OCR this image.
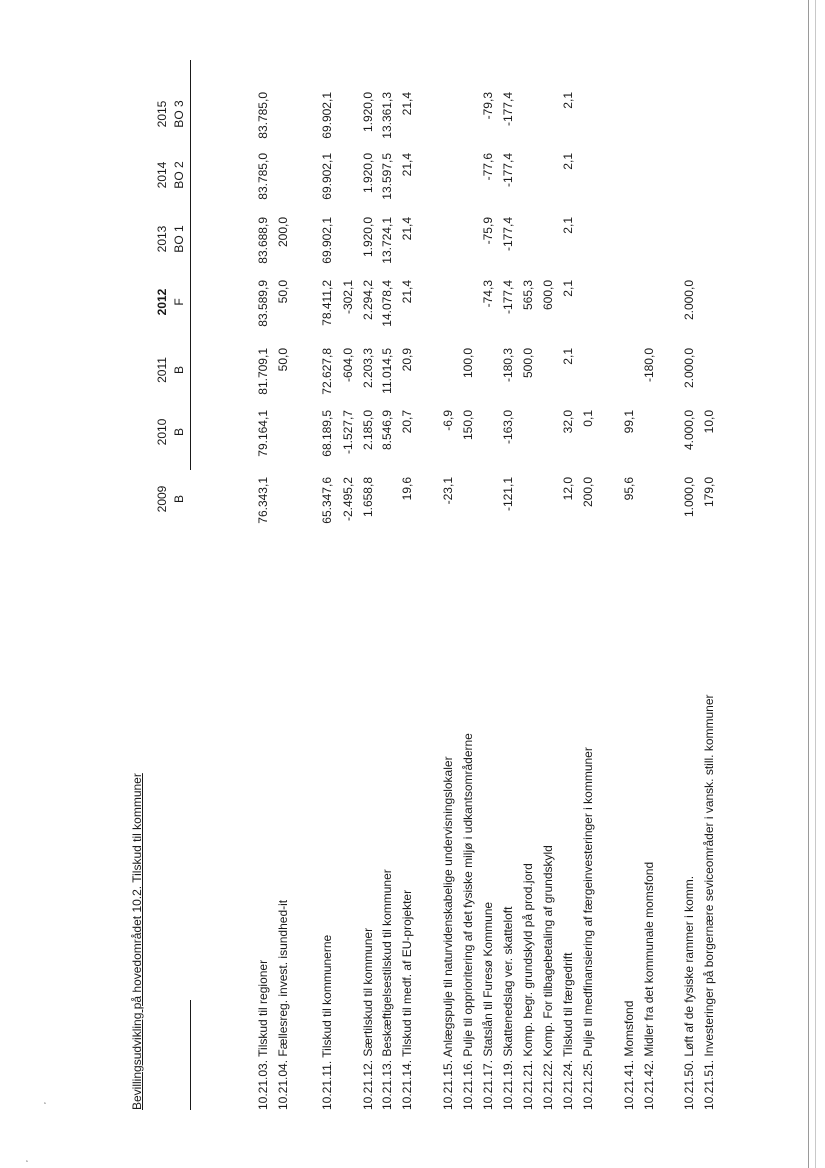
˛
˛
Bevillingsudvikling på hovedområdet 10.2. Tilskud til kommuner
2009 B
2010 B
2011 B
2012 F
2013 BO 1
2014 BO 2
2015 BO 3
10.21.03. Tilskud til regioner
76.343,1
79.164,1
81.709,1
83.589,9
83.688,9
83.785,0
83.785,0
10.21.04. Fællesreg. invest. isundhed-it
50,0
50,0
200,0
10.21.11. Tilskud til kommunerne
65.347,6
68.189,5
72.627,8
78.411,2
69.902,1
69.902,1
69.902,1
-2.495,2
-1.527,7
-604,0
-302,1
10.21.12. Særtilskud til kommuner
1.658,8
2.185,0
2.203,3
2.294,2
1.920,0
1.920,0
1.920,0
10.21.13. Beskæftigelsestilskud til kommuner
8.546,9
11.014,5
14.078,4
13.724,1
13.597,5
13.361,3
10.21.14. Tilskud til medf. af EU-projekter
19,6
20,7
20,9
21,4
21,4
21,4
21,4
10.21.15. Anlægspulje til naturvidenskabelige undervisningslokaler
-23,1
-6,9
10.21.16. Pulje til opprioritering af det fysiske miljø i udkantsområderne
150,0
100,0
10.21.17. Statslån til Furesø Kommune
-74,3
-75,9
-77,6
-79,3
10.21.19. Skattenedslag ver. skatteloft
-121,1
-163,0
-180,3
-177,4
-177,4
-177,4
-177,4
10.21.21. Komp. begr. grundskyld på prod.jord
500,0
565,3
10.21.22. Komp. For tilbagebetaling af grundskyld
600,0
10.21.24. Tilskud til færgedrift
12,0
32,0
2,1
2,1
2,1
2,1
2,1
10.21.25. Pulje til medfinansiering af færgeinvesteringer i kommuner
200,0
0,1
10.21.41. Momsfond
95,6
99,1
10.21.42. Midler fra det kommunale momsfond
-180,0
10.21.50. Løft af de fysiske rammer i komm.
1.000,0
4.000,0
2.000,0
2.000,0
10.21.51. Investeringer på borgernære seviceområder i vansk. still. kommuner
179,0
10,0
